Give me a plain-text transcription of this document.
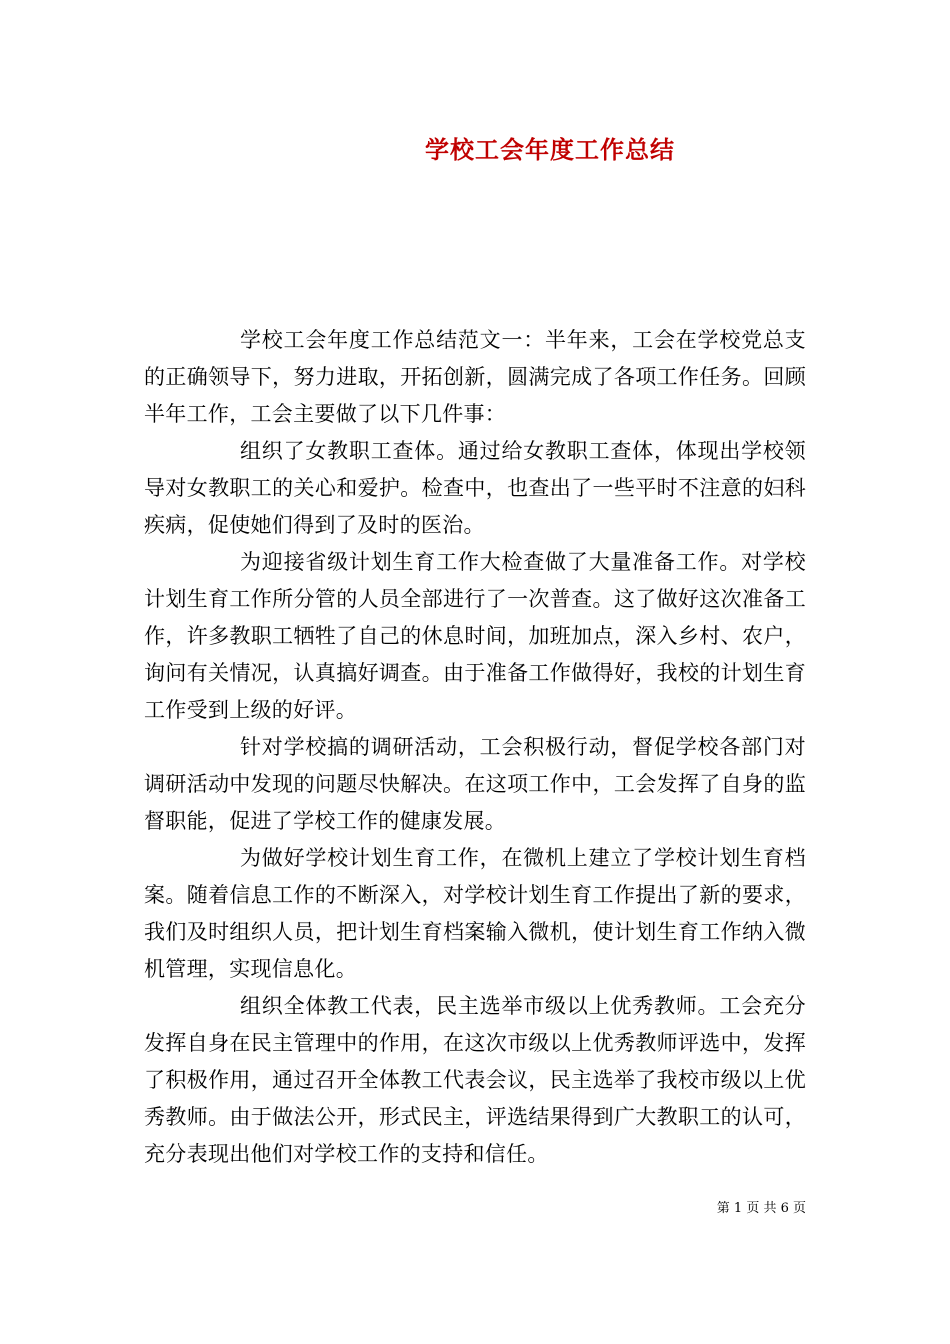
学校工会年度工作总结

学校工会年度工作总结范文一：半年来，工会在学校党总支的正确领导下，努力进取，开拓创新，圆满完成了各项工作任务。回顾半年工作，工会主要做了以下几件事：

组织了女教职工查体。通过给女教职工查体，体现出学校领导对女教职工的关心和爱护。检查中，也查出了一些平时不注意的妇科疾病，促使她们得到了及时的医治。

为迎接省级计划生育工作大检查做了大量准备工作。对学校计划生育工作所分管的人员全部进行了一次普查。这了做好这次准备工作，许多教职工牺牲了自己的休息时间，加班加点，深入乡村、农户，询问有关情况，认真搞好调查。由于准备工作做得好，我校的计划生育工作受到上级的好评。

针对学校搞的调研活动，工会积极行动，督促学校各部门对调研活动中发现的问题尽快解决。在这项工作中，工会发挥了自身的监督职能，促进了学校工作的健康发展。

为做好学校计划生育工作，在微机上建立了学校计划生育档案。随着信息工作的不断深入，对学校计划生育工作提出了新的要求，我们及时组织人员，把计划生育档案输入微机，使计划生育工作纳入微机管理，实现信息化。

组织全体教工代表，民主选举市级以上优秀教师。工会充分发挥自身在民主管理中的作用，在这次市级以上优秀教师评选中，发挥了积极作用，通过召开全体教工代表会议，民主选举了我校市级以上优秀教师。由于做法公开，形式民主，评选结果得到广大教职工的认可，充分表现出他们对学校工作的支持和信任。

第 1 页 共 6 页
